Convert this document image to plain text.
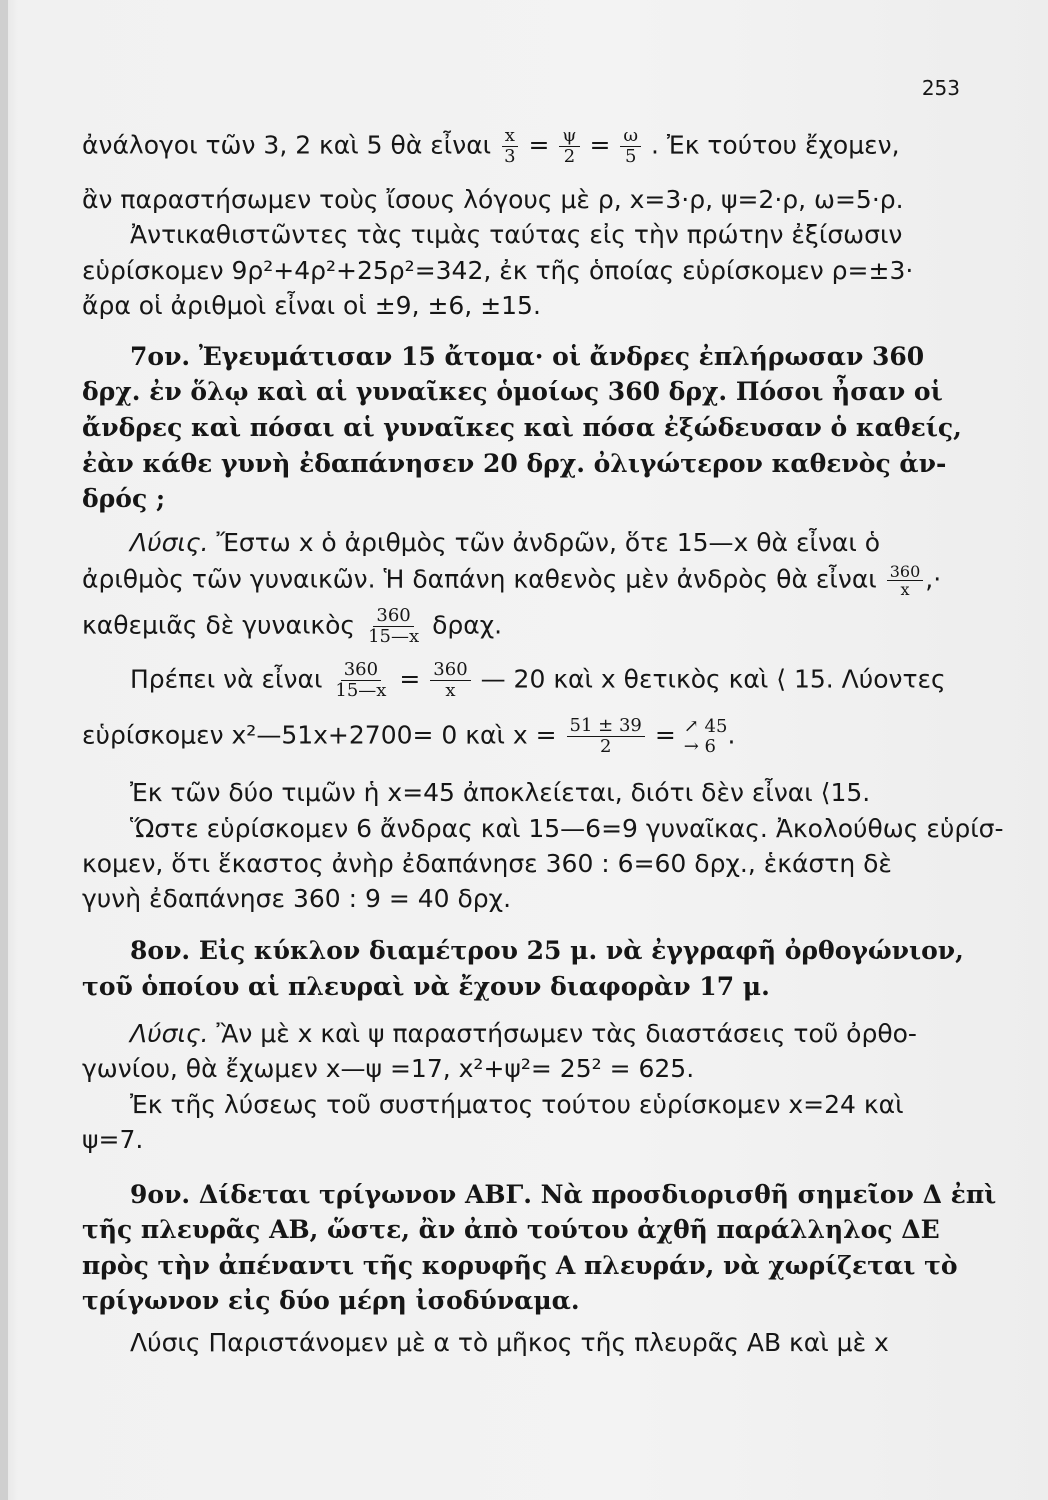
253
ἀνάλογοι τῶν 3, 2 καὶ 5 θὰ εἶναι $\frac{x}{3} = \frac{\psi}{2} = \frac{\omega}{5}$ . Ἐκ τούτου ἔχομεν,
ἂν παραστήσωμεν τοὺς ἴσους λόγους μὲ ρ, x=3·ρ, ψ=2·ρ, ω=5·ρ.
Ἀντικαθιστῶντες τὰς τιμὰς ταύτας εἰς τὴν πρώτην ἐξίσωσιν
εὑρίσκομεν 9ρ²+4ρ²+25ρ²=342, ἐκ τῆς ὁποίας εὑρίσκομεν ρ=±3·
ἄρα οἱ ἀριθμοὶ εἶναι οἱ ±9, ±6, ±15.
7ον. Ἐγευμάτισαν 15 ἄτομα· οἱ ἄνδρες ἐπλήρωσαν 360
δρχ. ἐν ὅλῳ καὶ αἱ γυναῖκες ὁμοίως 360 δρχ. Πόσοι ἦσαν οἱ
ἄνδρες καὶ πόσαι αἱ γυναῖκες καὶ πόσα ἐξώδευσαν ὁ καθείς,
ἐὰν κάθε γυνὴ ἐδαπάνησεν 20 δρχ. ὀλιγώτερον καθενὸς ἀν-
δρός ;
Λύσις. Ἔστω x ὁ ἀριθμὸς τῶν ἀνδρῶν, ὅτε 15—x θὰ εἶναι ὁ
ἀριθμὸς τῶν γυναικῶν. Ἡ δαπάνη καθενὸς μὲν ἀνδρὸς θὰ εἶναι $\frac{360}{x}$ ,·
καθεμιᾶς δὲ γυναικὸς $\frac{360}{15—x} \delta\rho\alpha\chi$.
Πρέπει νὰ εἶναι $\frac{360}{15—x} = \frac{360}{x}$ — 20 καὶ x θετικὸς καὶ ⟨ 15. Λύοντες
εὑρίσκομεν x²—51x+2700= 0 καὶ $x = \frac{51 \pm 39}{2}$ = ↗ 45
→ 6 .
Ἐκ τῶν δύο τιμῶν ἡ x=45 ἀποκλείεται, διότι δὲν εἶναι ⟨15.
Ὥστε εὑρίσκομεν 6 ἄνδρας καὶ 15—6=9 γυναῖκας. Ἀκολούθως εὑρίσ-
κομεν, ὅτι ἕκαστος ἀνὴρ ἐδαπάνησε 360 : 6=60 δρχ., ἑκάστη δὲ
γυνὴ ἐδαπάνησε 360 : 9 = 40 δρχ.
8ον. Εἰς κύκλον διαμέτρου 25 μ. νὰ ἐγγραφῆ ὀρθογώνιον,
τοῦ ὁποίου αἱ πλευραὶ νὰ ἔχουν διαφορὰν 17 μ.
Λύσις. Ἂν μὲ x καὶ ψ παραστήσωμεν τὰς διαστάσεις τοῦ ὀρθο-
γωνίου, θὰ ἔχωμεν x—ψ =17, x²+ψ²= 25² = 625.
Ἐκ τῆς λύσεως τοῦ συστήματος τούτου εὑρίσκομεν x=24 καὶ
ψ=7.
9ον. Δίδεται τρίγωνον ΑΒΓ. Νὰ προσδιορισθῆ σημεῖον Δ ἐπὶ
τῆς πλευρᾶς ΑΒ, ὥστε, ἂν ἀπὸ τούτου ἀχθῆ παράλληλος ΔΕ
πρὸς τὴν ἀπέναντι τῆς κορυφῆς Α πλευράν, νὰ χωρίζεται τὸ
τρίγωνον εἰς δύο μέρη ἰσοδύναμα.
Λύσις Παριστάνομεν μὲ α τὸ μῆκος τῆς πλευρᾶς ΑΒ καὶ μὲ x
